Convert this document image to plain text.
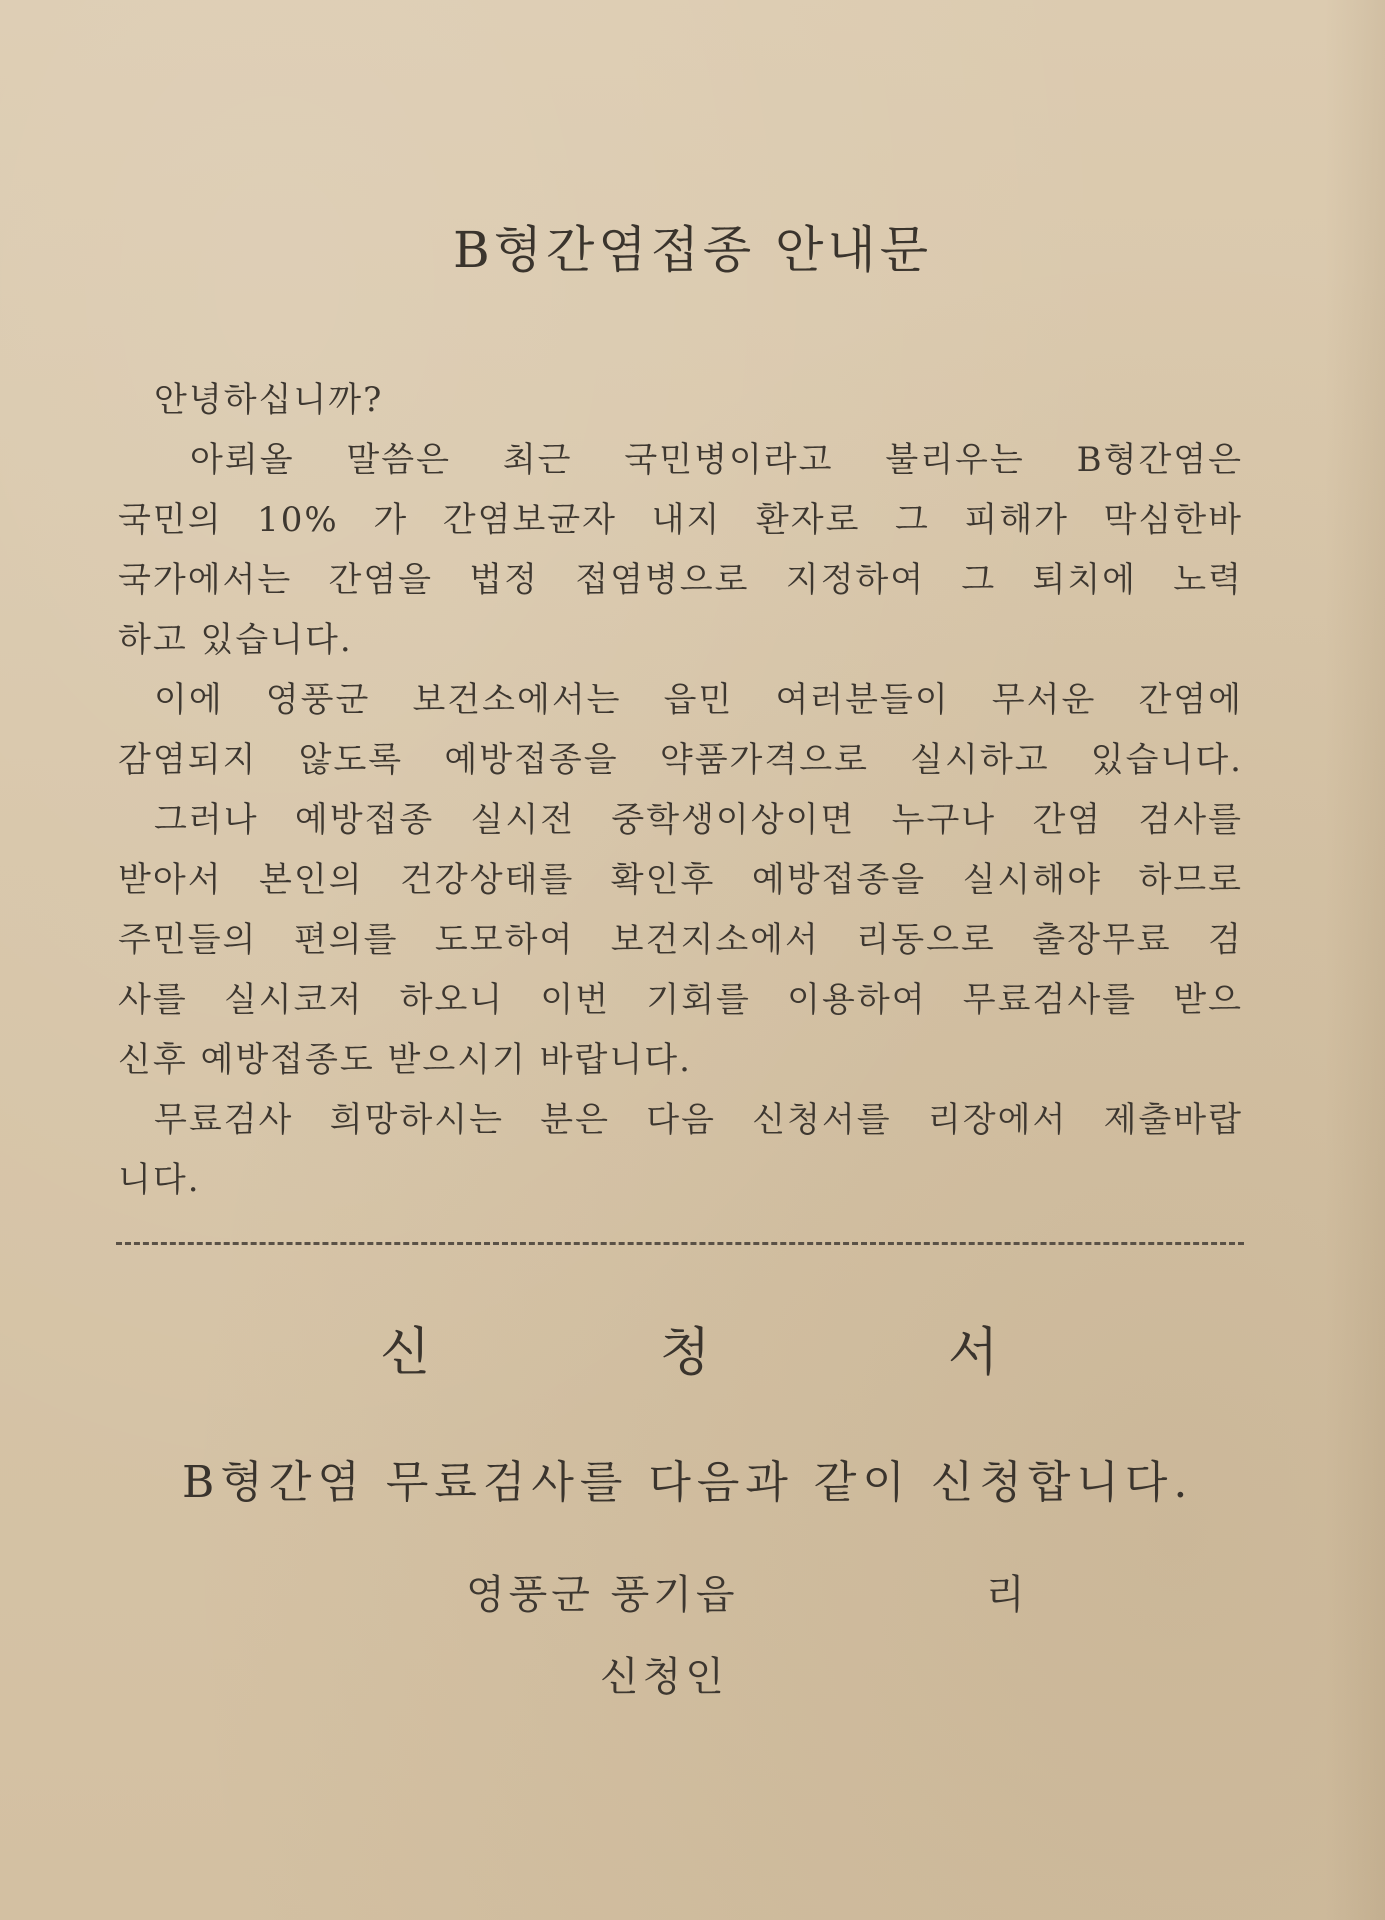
B형간염접종 안내문
안녕하십니까?
아뢰올 말씀은 최근 국민병이라고 불리우는 B형간염은
국민의 10% 가 간염보균자 내지 환자로 그 피해가 막심한바
국가에서는 간염을 법정 접염병으로 지정하여 그 퇴치에 노력
하고 있습니다.
이에 영풍군 보건소에서는 읍민 여러분들이 무서운 간염에
감염되지 않도록 예방접종을 약품가격으로 실시하고 있습니다.
그러나 예방접종 실시전 중학생이상이면 누구나 간염 검사를
받아서 본인의 건강상태를 확인후 예방접종을 실시해야 하므로
주민들의 편의를 도모하여 보건지소에서 리동으로 출장무료 검
사를 실시코저 하오니 이번 기회를 이용하여 무료검사를 받으
신후 예방접종도 받으시기 바랍니다.
무료검사 희망하시는 분은 다음 신청서를 리장에서 제출바랍
니다.
신	청	서
B형간염 무료검사를 다음과 같이 신청합니다.
영풍군 풍기읍	리
신청인
